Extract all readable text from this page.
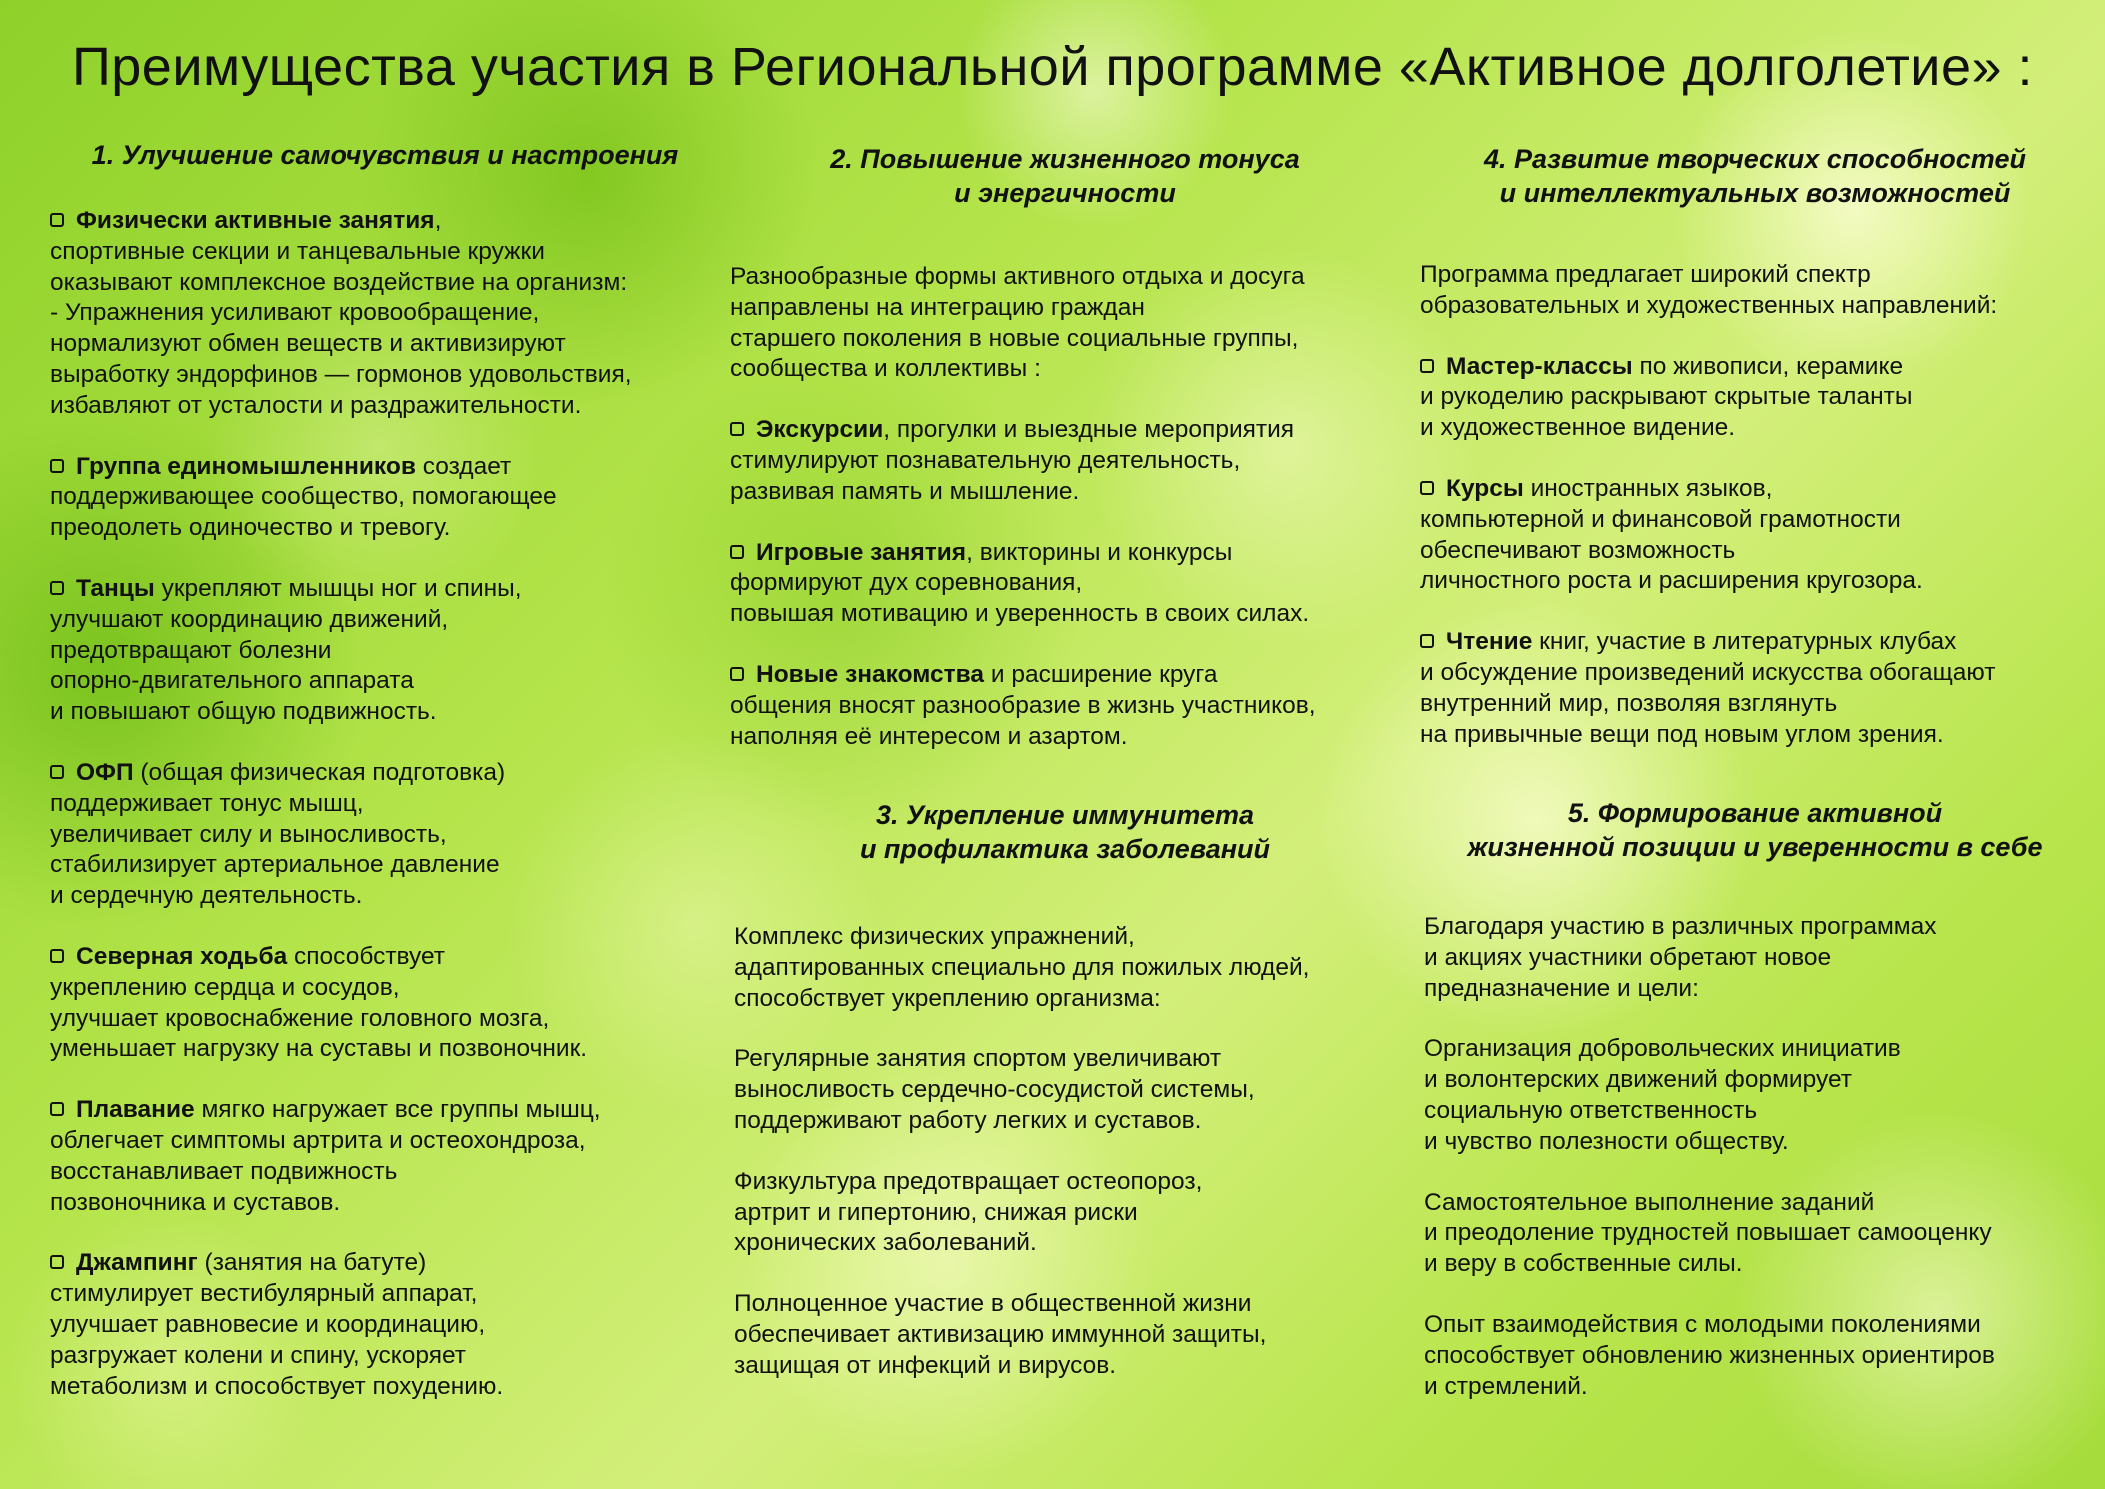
Преимущества участия в Региональной программе «Активное долголетие» :
1. Улучшение самочувствия и настроения
Физически активные занятия,
спортивные секции и танцевальные кружки
оказывают комплексное воздействие на организм:
- Упражнения усиливают кровообращение,
нормализуют обмен веществ и активизируют
выработку эндорфинов — гормонов удовольствия,
избавляют от усталости и раздражительности.
Группа единомышленников создает
поддерживающее сообщество, помогающее
преодолеть одиночество и тревогу.
Танцы укрепляют мышцы ног и спины,
улучшают координацию движений,
предотвращают болезни
опорно-двигательного аппарата
и повышают общую подвижность.
ОФП (общая физическая подготовка)
поддерживает тонус мышц,
увеличивает силу и выносливость,
стабилизирует артериальное давление
и сердечную деятельность.
Северная ходьба способствует
укреплению сердца и сосудов,
улучшает кровоснабжение головного мозга,
уменьшает нагрузку на суставы и позвоночник.
Плавание мягко нагружает все группы мышц,
облегчает симптомы артрита и остеохондроза,
восстанавливает подвижность
позвоночника и суставов.
Джампинг (занятия на батуте)
стимулирует вестибулярный аппарат,
улучшает равновесие и координацию,
разгружает колени и спину, ускоряет
метаболизм и способствует похудению.
2. Повышение жизненного тонуса
и энергичности
Разнообразные формы активного отдыха и досуга
направлены на интеграцию граждан
старшего поколения в новые социальные группы,
сообщества и коллективы :
Экскурсии, прогулки и выездные мероприятия
стимулируют познавательную деятельность,
развивая память и мышление.
Игровые занятия, викторины и конкурсы
формируют дух соревнования,
повышая мотивацию и уверенность в своих силах.
Новые знакомства и расширение круга
общения вносят разнообразие в жизнь участников,
наполняя её интересом и азартом.
3. Укрепление иммунитета
и профилактика заболеваний
Комплекс физических упражнений,
адаптированных специально для пожилых людей,
способствует укреплению организма:
Регулярные занятия спортом увеличивают
выносливость сердечно-сосудистой системы,
поддерживают работу легких и суставов.
Физкультура предотвращает остеопороз,
артрит и гипертонию, снижая риски
хронических заболеваний.
Полноценное участие в общественной жизни
обеспечивает активизацию иммунной защиты,
защищая от инфекций и вирусов.
4. Развитие творческих способностей
и интеллектуальных возможностей
Программа предлагает широкий спектр
образовательных и художественных направлений:
Мастер-классы по живописи, керамике
и рукоделию раскрывают скрытые таланты
и художественное видение.
Курсы иностранных языков,
компьютерной и финансовой грамотности
обеспечивают возможность
личностного роста и расширения кругозора.
Чтение книг, участие в литературных клубах
и обсуждение произведений искусства обогащают
внутренний мир, позволяя взглянуть
на привычные вещи под новым углом зрения.
5. Формирование активной
жизненной позиции и уверенности в себе
Благодаря участию в различных программах
и акциях участники обретают новое
предназначение и цели:
Организация добровольческих инициатив
и волонтерских движений формирует
социальную ответственность
и чувство полезности обществу.
Самостоятельное выполнение заданий
и преодоление трудностей повышает самооценку
и веру в собственные силы.
Опыт взаимодействия с молодыми поколениями
способствует обновлению жизненных ориентиров
и стремлений.
